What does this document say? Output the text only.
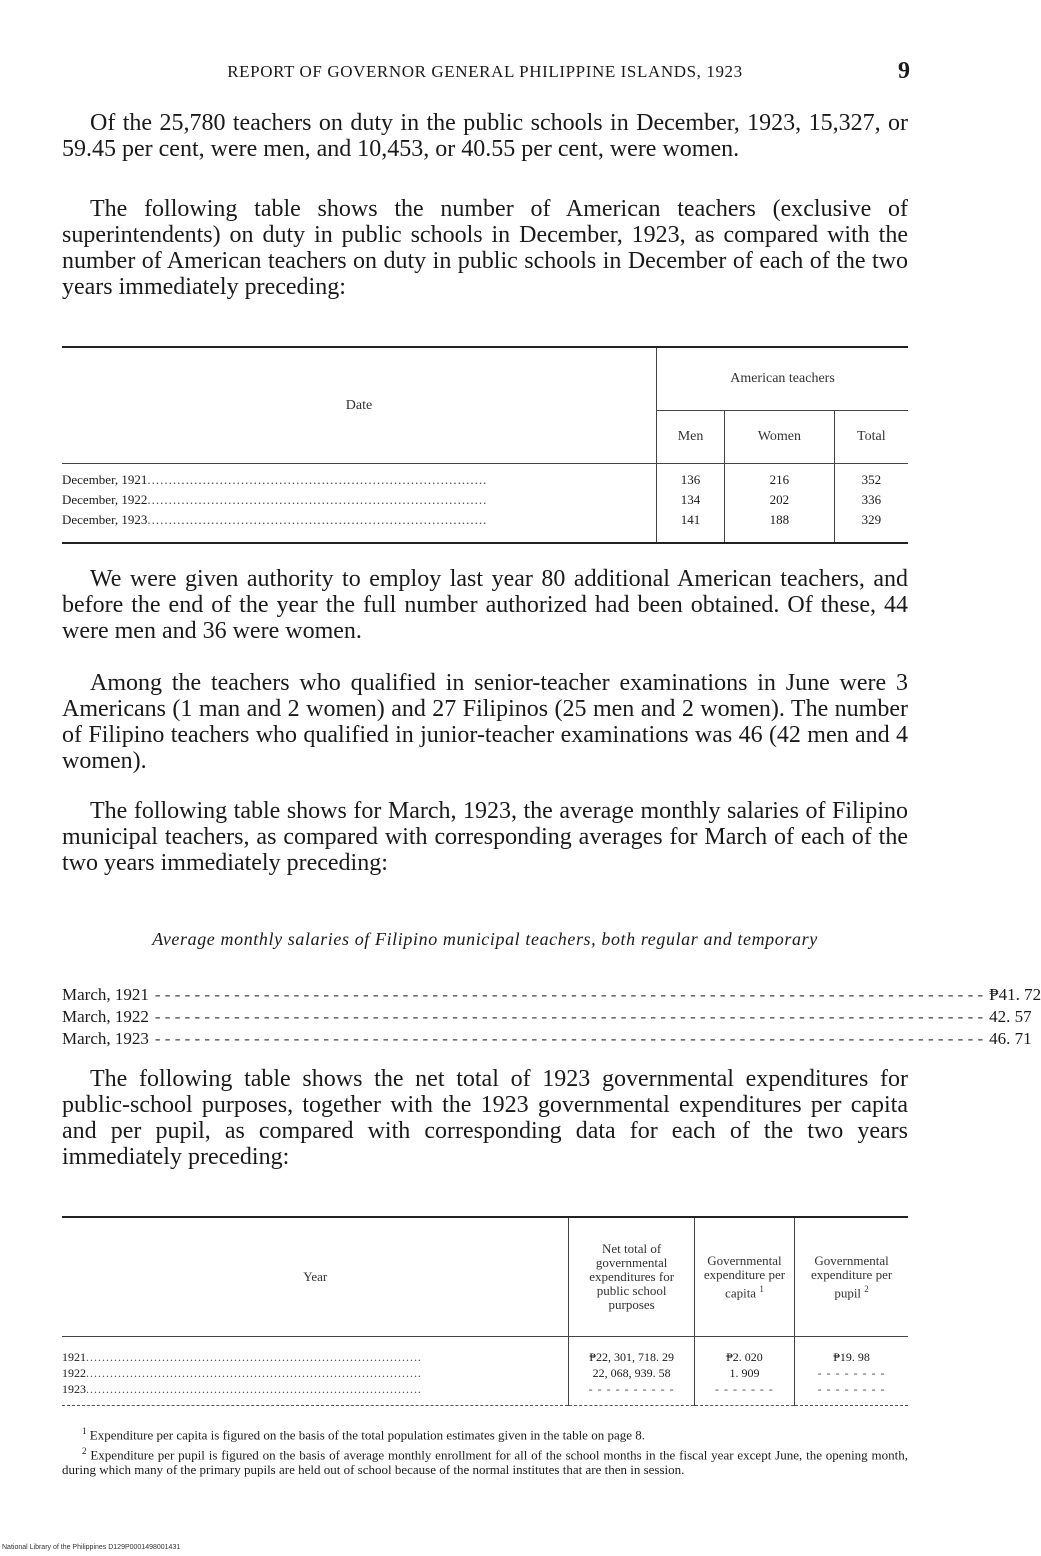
REPORT OF GOVERNOR GENERAL PHILIPPINE ISLANDS, 1923	9

Of the 25,780 teachers on duty in the public schools in December, 1923, 15,327, or 59.45 per cent, were men, and 10,453, or 40.55 per cent, were women.

The following table shows the number of American teachers (exclusive of superintendents) on duty in public schools in December, 1923, as compared with the number of American teachers on duty in public schools in December of each of the two years immediately preceding:

Date	American teachers		
	Men	Women	Total
December, 1921................................................................................	136	216	352
December, 1922................................................................................	134	202	336
December, 1923................................................................................	141	188	329

We were given authority to employ last year 80 additional American teachers, and before the end of the year the full number authorized had been obtained. Of these, 44 were men and 36 were women.

Among the teachers who qualified in senior-teacher examinations in June were 3 Americans (1 man and 2 women) and 27 Filipinos (25 men and 2 women). The number of Filipino teachers who qualified in junior-teacher examinations was 46 (42 men and 4 women).

The following table shows for March, 1923, the average monthly salaries of Filipino municipal teachers, as compared with corresponding averages for March of each of the two years immediately preceding:

Average monthly salaries of Filipino municipal teachers, both regular and temporary
March, 1921 - - - - - - - - - - - - - - - - - - - - - - - - - - - - - - - - - - - - - - - - - - - - - - - - - - - - - - - - - - - - - - - - - - - - - - - - - - - - - - - - - - - - ₱41. 72
March, 1922 - - - - - - - - - - - - - - - - - - - - - - - - - - - - - - - - - - - - - - - - - - - - - - - - - - - - - - - - - - - - - - - - - - - - - - - - - - - - - - - - - - - - 42. 57
March, 1923 - - - - - - - - - - - - - - - - - - - - - - - - - - - - - - - - - - - - - - - - - - - - - - - - - - - - - - - - - - - - - - - - - - - - - - - - - - - - - - - - - - - - 46. 71

The following table shows the net total of 1923 governmental expenditures for public-school purposes, together with the 1923 governmental expenditures per capita and per pupil, as compared with corresponding data for each of the two years immediately preceding:

Year	Net total of governmental expenditures for public school purposes	Governmental expenditure per capita $^1$	Governmental expenditure per pupil $^2$
1921....................................................................................	₱22, 301, 718. 29	₱2. 020	₱19. 98
1922....................................................................................	22, 068, 939. 58	1. 909	- - - - - - - -
1923....................................................................................	- - - - - - - - - -	- - - - - - -	- - - - - - - -

$^1$ Expenditure per capita is figured on the basis of the total population estimates given in the table on page 8.

$^2$ Expenditure per pupil is figured on the basis of average monthly enrollment for all of the school months in the fiscal year except June, the opening month, during which many of the primary pupils are held out of school because of the normal institutes that are then in session.

National Library of the Philippines D129P0001498001431
